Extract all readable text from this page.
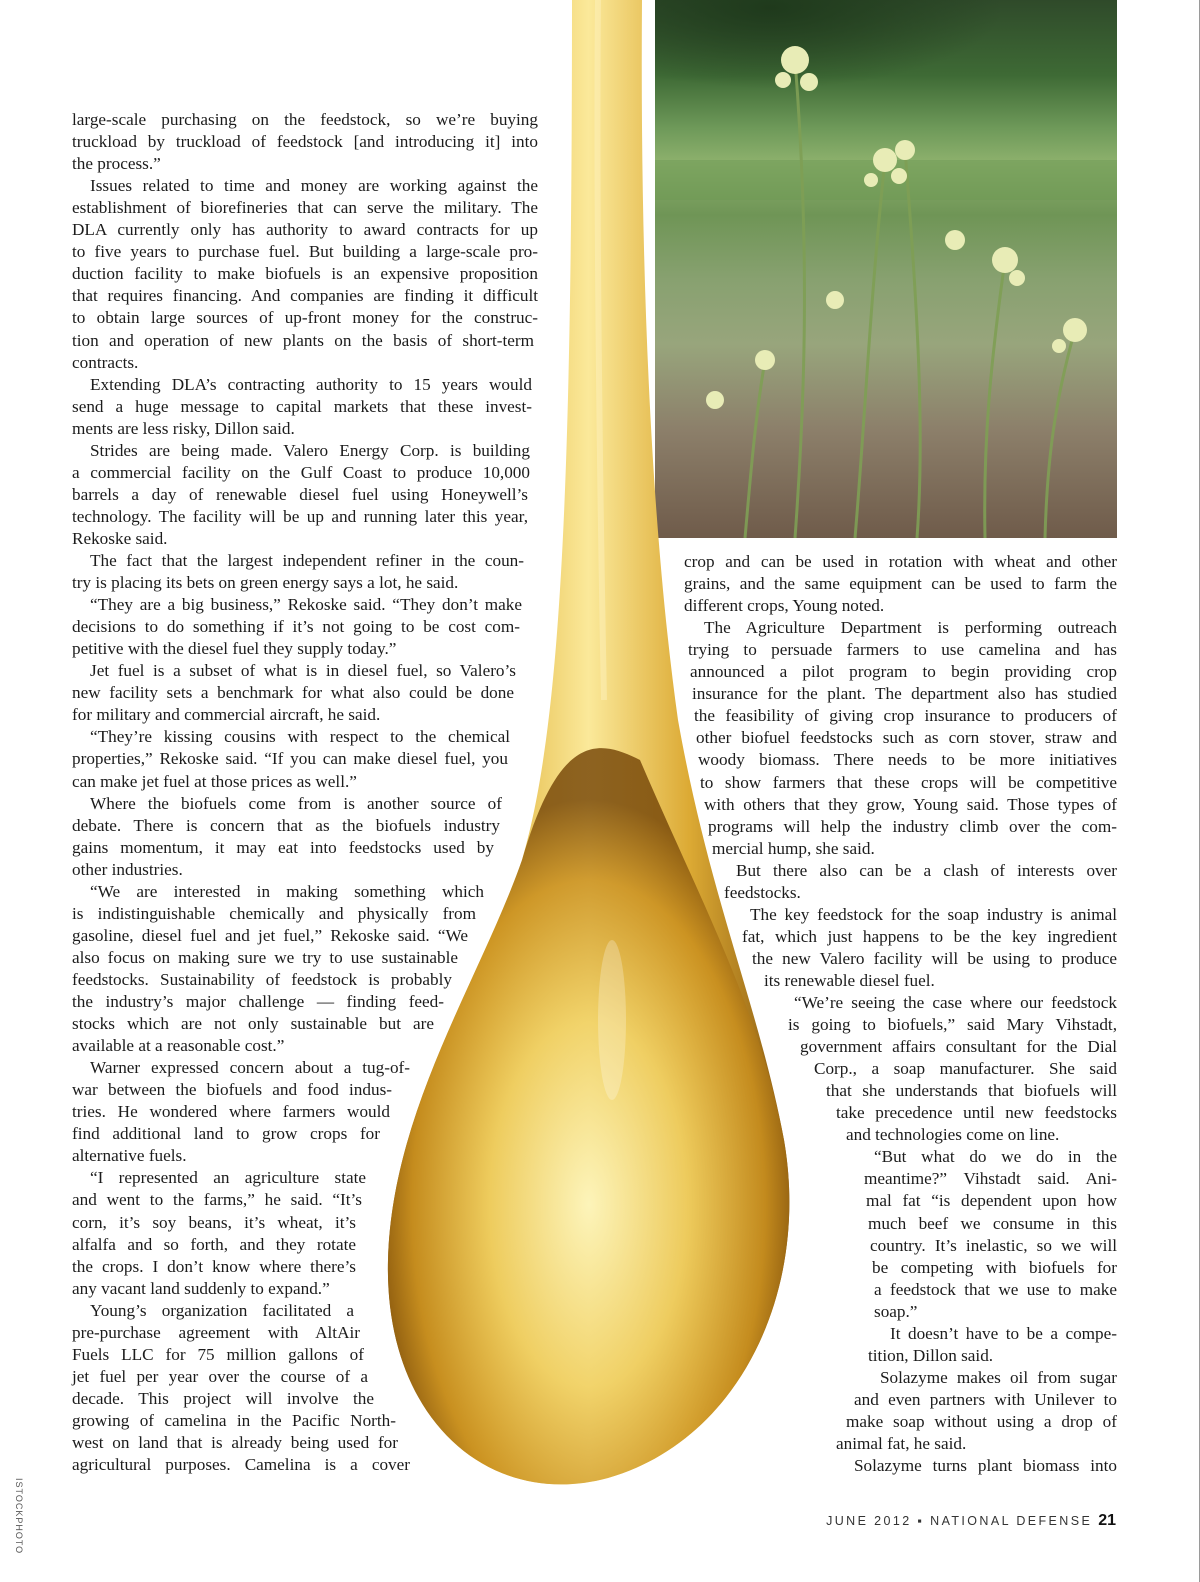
large-scale purchasing on the feedstock, so we’re buying
truckload by truckload of feedstock [and introducing it] into
the process.”
Issues related to time and money are working against the
establishment of biorefineries that can serve the military. The
DLA currently only has authority to award contracts for up
to five years to purchase fuel. But building a large-scale pro-
duction facility to make biofuels is an expensive proposition
that requires financing. And companies are finding it difficult
to obtain large sources of up-front money for the construc-
tion and operation of new plants on the basis of short-term
contracts.
Extending DLA’s contracting authority to 15 years would
send a huge message to capital markets that these invest-
ments are less risky, Dillon said.
Strides are being made. Valero Energy Corp. is building
a commercial facility on the Gulf Coast to produce 10,000
barrels a day of renewable diesel fuel using Honeywell’s
technology. The facility will be up and running later this year,
Rekoske said.
The fact that the largest independent refiner in the coun-
try is placing its bets on green energy says a lot, he said.
“They are a big business,” Rekoske said. “They don’t make
decisions to do something if it’s not going to be cost com-
petitive with the diesel fuel they supply today.”
Jet fuel is a subset of what is in diesel fuel, so Valero’s
new facility sets a benchmark for what also could be done
for military and commercial aircraft, he said.
“They’re kissing cousins with respect to the chemical
properties,” Rekoske said. “If you can make diesel fuel, you
can make jet fuel at those prices as well.”
Where the biofuels come from is another source of
debate. There is concern that as the biofuels industry
gains momentum, it may eat into feedstocks used by
other industries.
“We are interested in making something which
is indistinguishable chemically and physically from
gasoline, diesel fuel and jet fuel,” Rekoske said. “We
also focus on making sure we try to use sustainable
feedstocks. Sustainability of feedstock is probably
the industry’s major challenge — finding feed-
stocks which are not only sustainable but are
available at a reasonable cost.”
Warner expressed concern about a tug-of-
war between the biofuels and food indus-
tries. He wondered where farmers would
find additional land to grow crops for
alternative fuels.
“I represented an agriculture state
and went to the farms,” he said. “It’s
corn, it’s soy beans, it’s wheat, it’s
alfalfa and so forth, and they rotate
the crops. I don’t know where there’s
any vacant land suddenly to expand.”
Young’s organization facilitated a
pre-purchase agreement with AltAir
Fuels LLC for 75 million gallons of
jet fuel per year over the course of a
decade. This project will involve the
growing of camelina in the Pacific North-
west on land that is already being used for
agricultural purposes. Camelina is a cover
crop and can be used in rotation with wheat and other
grains, and the same equipment can be used to farm the
different crops, Young noted.
The Agriculture Department is performing outreach
trying to persuade farmers to use camelina and has
announced a pilot program to begin providing crop
insurance for the plant. The department also has studied
the feasibility of giving crop insurance to producers of
other biofuel feedstocks such as corn stover, straw and
woody biomass. There needs to be more initiatives
to show farmers that these crops will be competitive
with others that they grow, Young said. Those types of
programs will help the industry climb over the com-
mercial hump, she said.
But there also can be a clash of interests over
feedstocks.
The key feedstock for the soap industry is animal
fat, which just happens to be the key ingredient
the new Valero facility will be using to produce
its renewable diesel fuel.
“We’re seeing the case where our feedstock
is going to biofuels,” said Mary Vihstadt,
government affairs consultant for the Dial
Corp., a soap manufacturer. She said
that she understands that biofuels will
take precedence until new feedstocks
and technologies come on line.
“But what do we do in the
meantime?” Vihstadt said. Ani-
mal fat “is dependent upon how
much beef we consume in this
country. It’s inelastic, so we will
be competing with biofuels for
a feedstock that we use to make
soap.”
It doesn’t have to be a compe-
tition, Dillon said.
Solazyme makes oil from sugar
and even partners with Unilever to
make soap without using a drop of
animal fat, he said.
Solazyme turns plant biomass into
ISTOCKPHOTO	JUNE 2012 ▪ NATIONAL DEFENSE 21
